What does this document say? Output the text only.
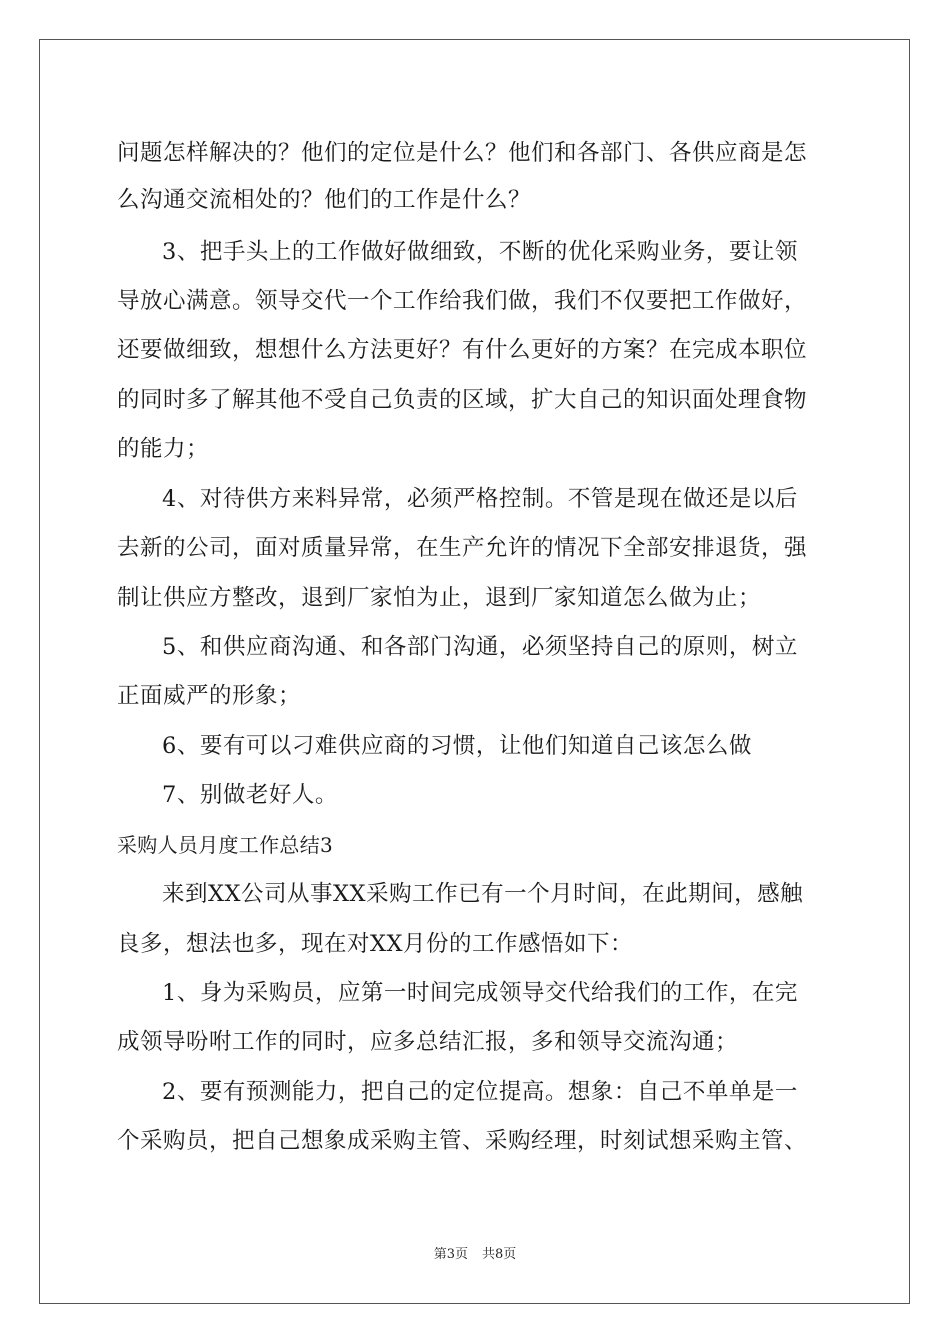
问题怎样解决的？他们的定位是什么？他们和各部门、各供应商是怎
么沟通交流相处的？他们的工作是什么？
3、把手头上的工作做好做细致，不断的优化采购业务，要让领
导放心满意。领导交代一个工作给我们做，我们不仅要把工作做好，
还要做细致，想想什么方法更好？有什么更好的方案？在完成本职位
的同时多了解其他不受自己负责的区域，扩大自己的知识面处理食物
的能力；
4、对待供方来料异常，必须严格控制。不管是现在做还是以后
去新的公司，面对质量异常，在生产允许的情况下全部安排退货，强
制让供应方整改，退到厂家怕为止，退到厂家知道怎么做为止；
5、和供应商沟通、和各部门沟通，必须坚持自己的原则，树立
正面威严的形象；
6、要有可以刁难供应商的习惯，让他们知道自己该怎么做
7、别做老好人。
采购人员月度工作总结3
来到XX公司从事XX采购工作已有一个月时间，在此期间，感触
良多，想法也多，现在对XX月份的工作感悟如下：
1、身为采购员，应第一时间完成领导交代给我们的工作，在完
成领导吩咐工作的同时，应多总结汇报，多和领导交流沟通；
2、要有预测能力，把自己的定位提高。想象：自己不单单是一
个采购员，把自己想象成采购主管、采购经理，时刻试想采购主管、
第3页 共8页
